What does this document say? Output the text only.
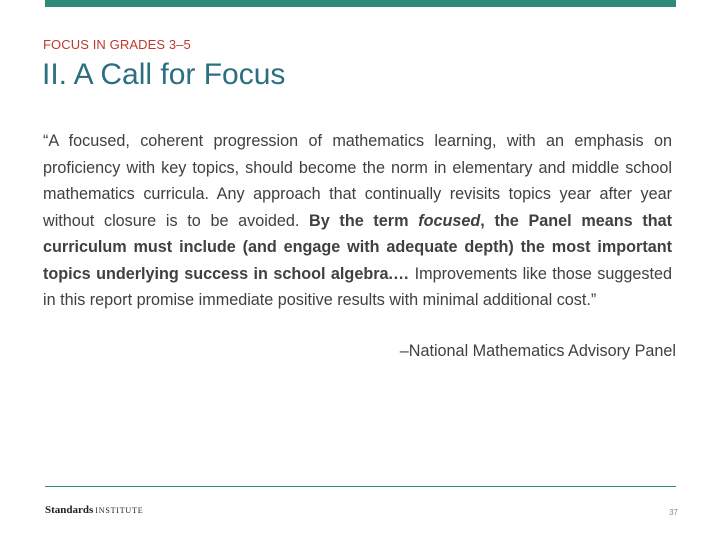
FOCUS IN GRADES 3–5
II. A Call for Focus

“A focused, coherent progression of mathematics learning, with an emphasis on proficiency with key topics, should become the norm in elementary and middle school mathematics curricula. Any approach that continually revisits topics year after year without closure is to be avoided. By the term focused, the Panel means that curriculum must include (and engage with adequate depth) the most important topics underlying success in school algebra.… Improvements like those suggested in this report promise immediate positive results with minimal additional cost.”

–National Mathematics Advisory Panel
Standards INSTITUTE	37
